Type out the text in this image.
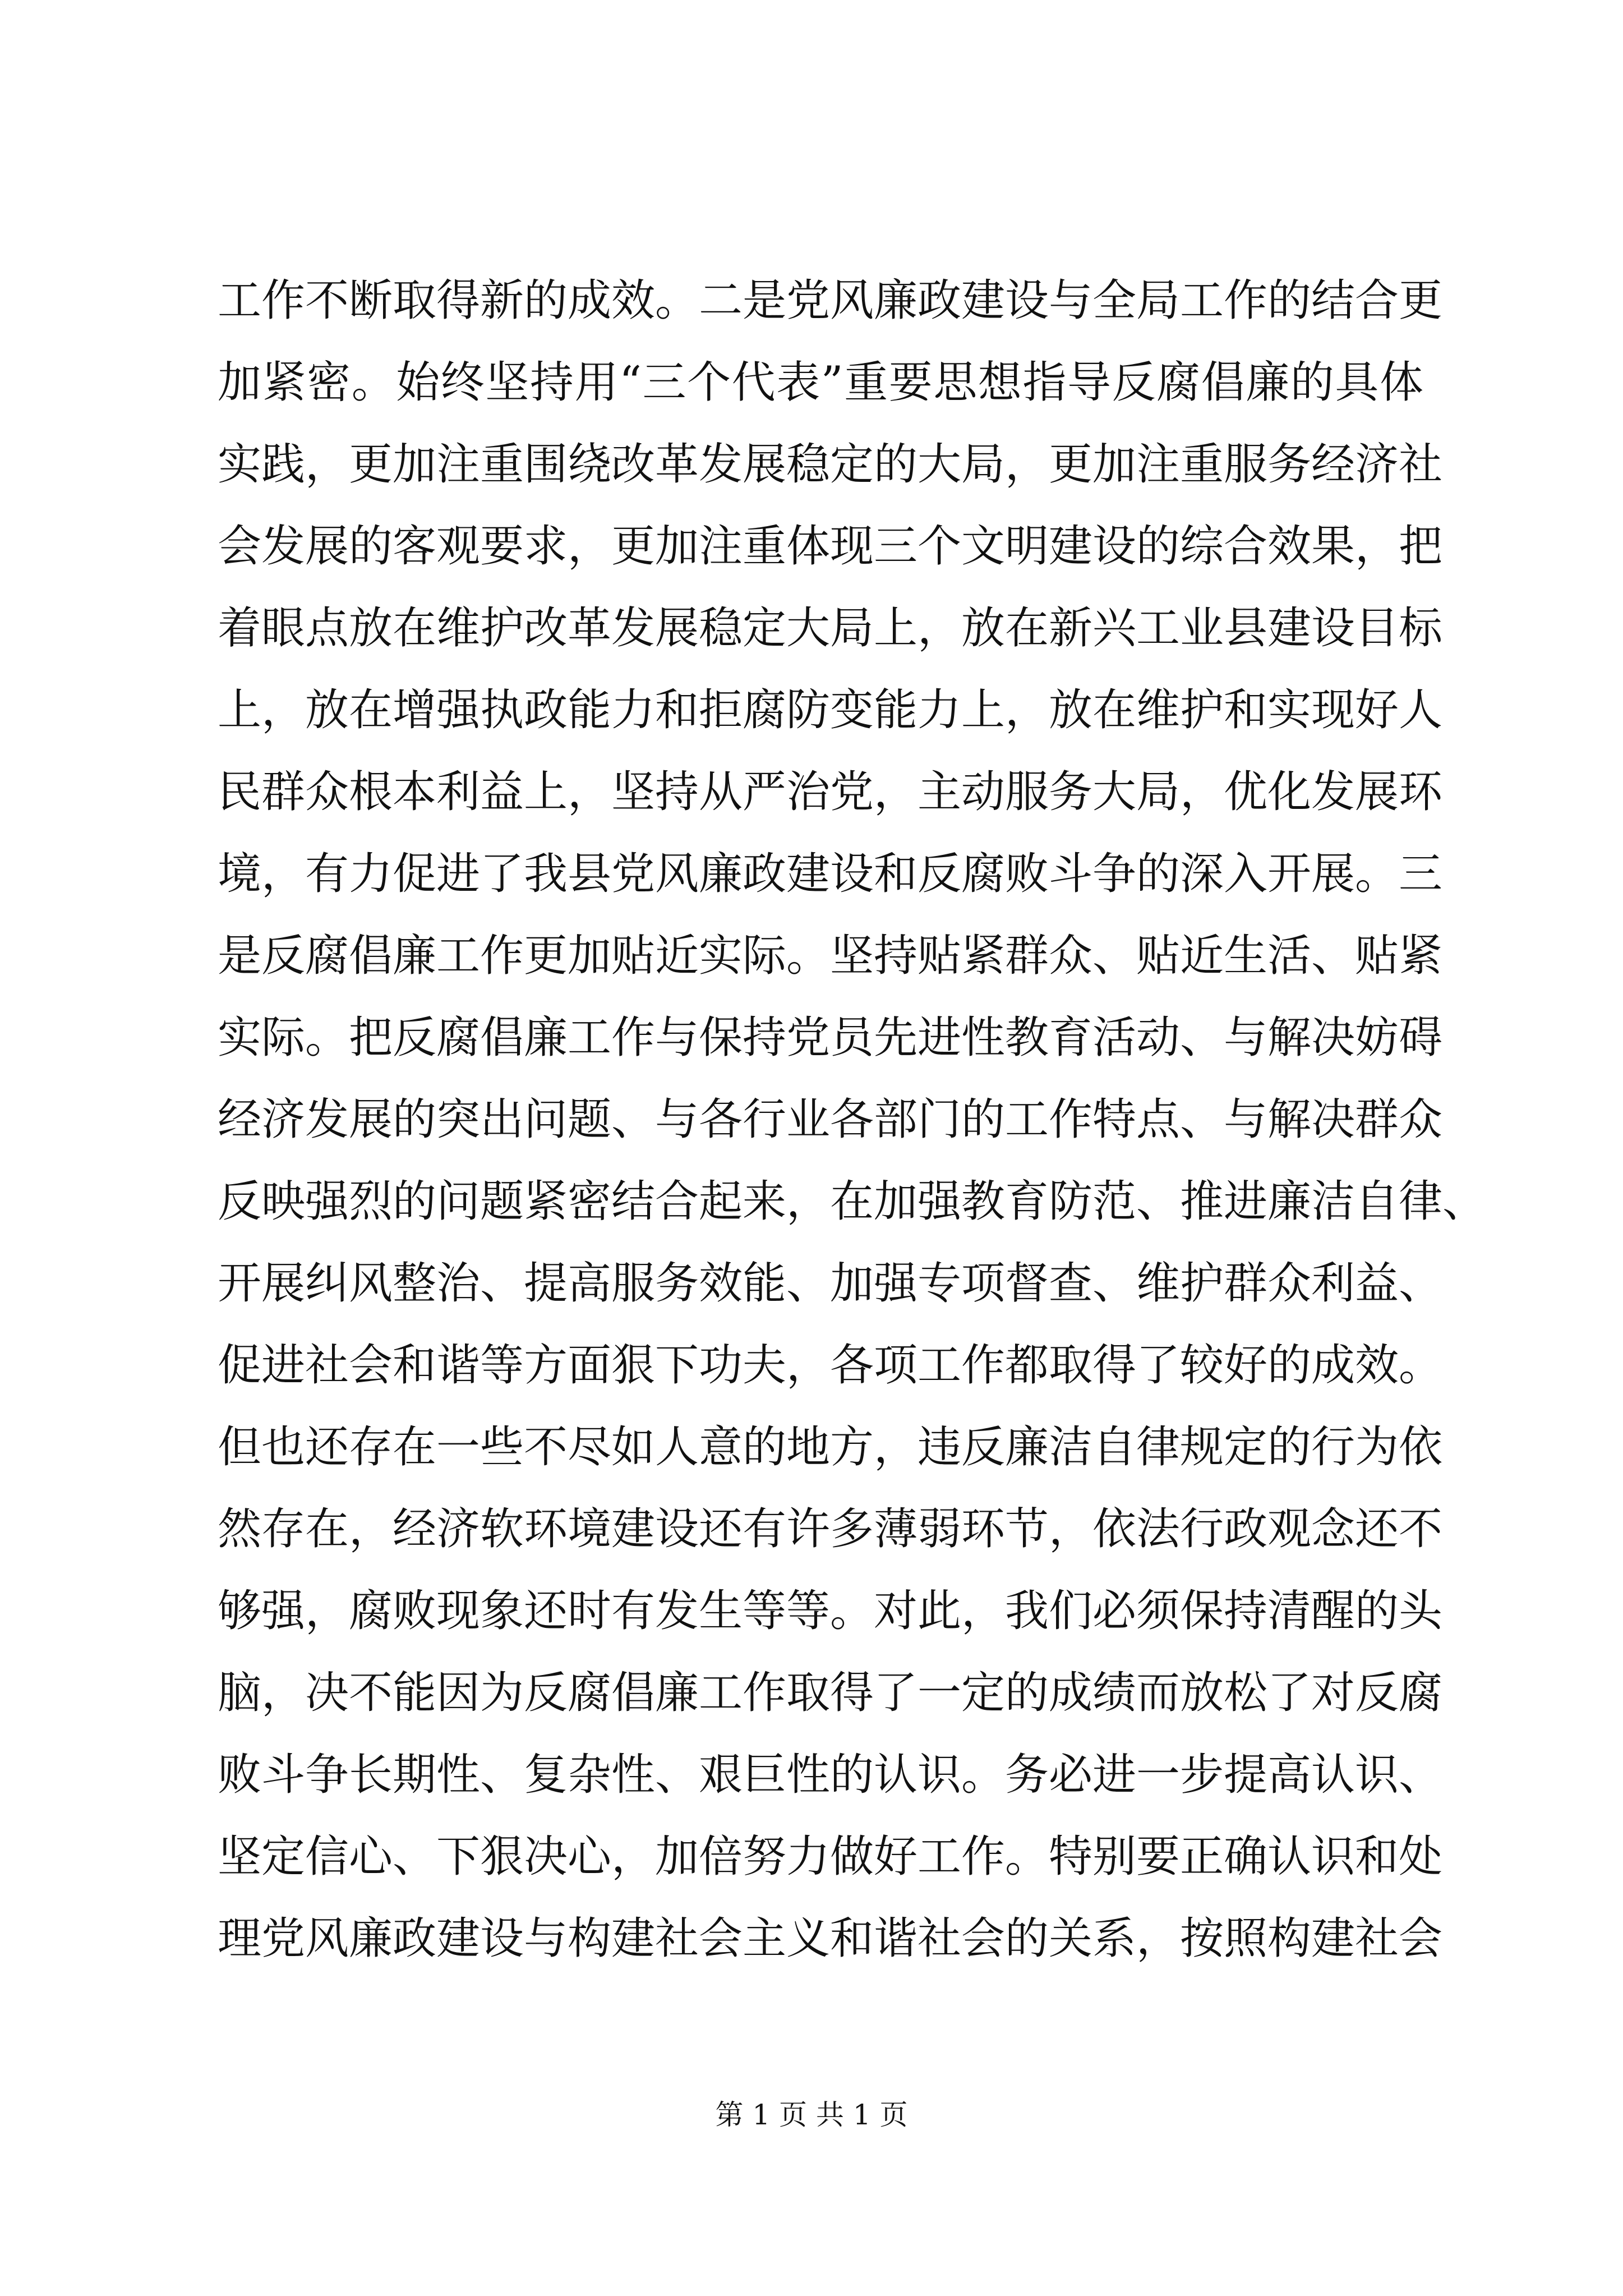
工作不断取得新的成效。二是党风廉政建设与全局工作的结合更
加紧密。始终坚持用“三个代表”重要思想指导反腐倡廉的具体
实践，更加注重围绕改革发展稳定的大局，更加注重服务经济社
会发展的客观要求，更加注重体现三个文明建设的综合效果，把
着眼点放在维护改革发展稳定大局上，放在新兴工业县建设目标
上，放在增强执政能力和拒腐防变能力上，放在维护和实现好人
民群众根本利益上，坚持从严治党，主动服务大局，优化发展环
境，有力促进了我县党风廉政建设和反腐败斗争的深入开展。三
是反腐倡廉工作更加贴近实际。坚持贴紧群众、贴近生活、贴紧
实际。把反腐倡廉工作与保持党员先进性教育活动、与解决妨碍
经济发展的突出问题、与各行业各部门的工作特点、与解决群众
反映强烈的问题紧密结合起来，在加强教育防范、推进廉洁自律、
开展纠风整治、提高服务效能、加强专项督查、维护群众利益、
促进社会和谐等方面狠下功夫，各项工作都取得了较好的成效。
但也还存在一些不尽如人意的地方，违反廉洁自律规定的行为依
然存在，经济软环境建设还有许多薄弱环节，依法行政观念还不
够强，腐败现象还时有发生等等。对此，我们必须保持清醒的头
脑，决不能因为反腐倡廉工作取得了一定的成绩而放松了对反腐
败斗争长期性、复杂性、艰巨性的认识。务必进一步提高认识、
坚定信心、下狠决心，加倍努力做好工作。特别要正确认识和处
理党风廉政建设与构建社会主义和谐社会的关系，按照构建社会
第 1 页 共 1 页
